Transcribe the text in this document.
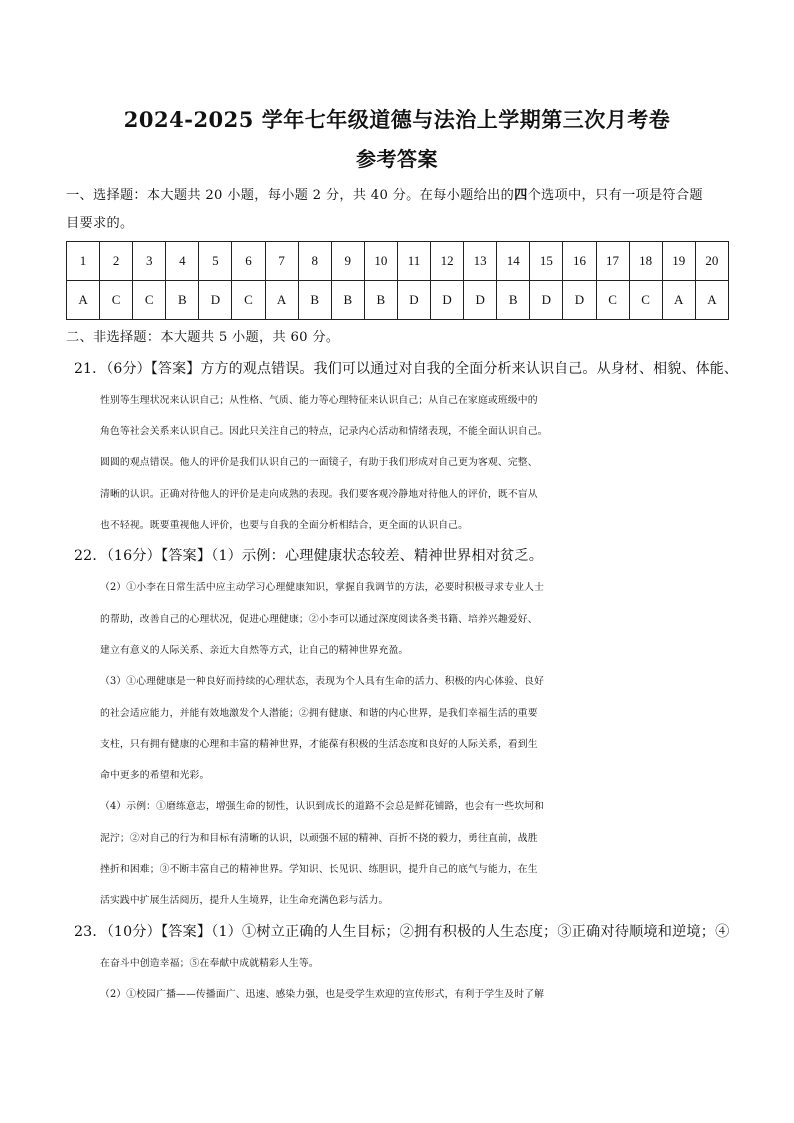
2024-2025 学年七年级道德与法治上学期第三次月考卷
参考答案
一、选择题：本大题共 20 小题，每小题 2 分，共 40 分。在每小题给出的四个选项中，只有一项是符合题
目要求的。
1	2	3	4	5	6	7	8	9	10	11	12	13	14	15	16	17	18	19	20
A	C	C	B	D	C	A	B	B	B	D	D	D	B	D	D	C	C	A	A
二、非选择题：本大题共 5 小题，共 60 分。
21．（6分）【答案】方方的观点错误。我们可以通过对自我的全面分析来认识自己。从身材、相貌、体能、
性别等生理状况来认识自己；从性格、气质、能力等心理特征来认识自己；从自己在家庭或班级中的
角色等社会关系来认识自己。因此只关注自己的特点，记录内心活动和情绪表现，不能全面认识自己。
圆圆的观点错误。他人的评价是我们认识自己的一面镜子，有助于我们形成对自己更为客观、完整、
清晰的认识。正确对待他人的评价是走向成熟的表现。我们要客观冷静地对待他人的评价，既不盲从
也不轻视。既要重视他人评价，也要与自我的全面分析相结合，更全面的认识自己。
22．（16分）【答案】（1）示例：心理健康状态较差、精神世界相对贫乏。
（2）①小李在日常生活中应主动学习心理健康知识，掌握自我调节的方法，必要时积极寻求专业人士
的帮助，改善自己的心理状况，促进心理健康；②小李可以通过深度阅读各类书籍、培养兴趣爱好、
建立有意义的人际关系、亲近大自然等方式，让自己的精神世界充盈。
（3）①心理健康是一种良好而持续的心理状态，表现为个人具有生命的活力、积极的内心体验、良好
的社会适应能力，并能有效地激发个人潜能；②拥有健康、和谐的内心世界，是我们幸福生活的重要
支柱，只有拥有健康的心理和丰富的精神世界，才能葆有积极的生活态度和良好的人际关系，看到生
命中更多的希望和光彩。
（4）示例：①磨练意志，增强生命的韧性，认识到成长的道路不会总是鲜花铺路，也会有一些坎坷和
泥泞；②对自己的行为和目标有清晰的认识，以顽强不屈的精神、百折不挠的毅力，勇往直前，战胜
挫折和困难；③不断丰富自己的精神世界。学知识、长见识、练胆识，提升自己的底气与能力，在生
活实践中扩展生活阅历，提升人生境界，让生命充满色彩与活力。
23．（10分）【答案】（1）①树立正确的人生目标；②拥有积极的人生态度；③正确对待顺境和逆境；④
在奋斗中创造幸福；⑤在奉献中成就精彩人生等。
（2）①校园广播——传播面广、迅速、感染力强，也是受学生欢迎的宣传形式，有利于学生及时了解
